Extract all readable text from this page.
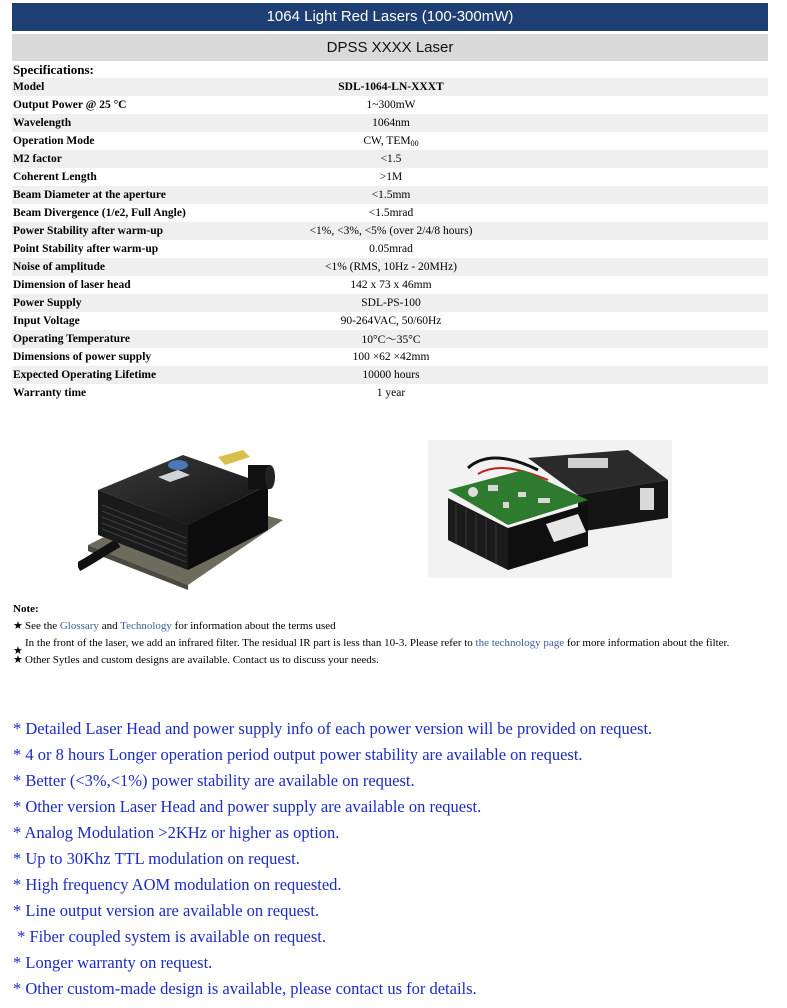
1064 Light Red Lasers (100-300mW)
DPSS XXXX Laser
Specifications:
Model	SDL-1064-LN-XXXT
Output Power @ 25 °C	1~300mW
Wavelength	1064nm
Operation Mode	CW, $TEM_{00}$
M2 factor	<1.5
Coherent Length	>1M
Beam Diameter at the aperture	<1.5mm
Beam Divergence (1/e2, Full Angle)	<1.5mrad
Power Stability after warm-up	<1%, <3%, <5% (over 2/4/8 hours)
Point Stability after warm-up	0.05mrad
Noise of amplitude	<1% (RMS, 10Hz - 20MHz)
Dimension of laser head	142 x 73 x 46mm
Power Supply	SDL-PS-100
Input Voltage	90-264VAC, 50/60Hz
Operating Temperature	10°C～35°C
Dimensions of power supply	100 ×62 ×42mm
Expected Operating Lifetime	10000 hours
Warranty time	1 year
Note:
★ See the Glossary and Technology for information about the terms used
★
In the front of the laser, we add an infrared filter. The residual IR part is less than 10-3. Please refer to the technology page for more information about the filter.
★ Other Sytles and custom designs are available. Contact us to discuss your needs.
* Detailed Laser Head and power supply info of each power version will be provided on request.
* 4 or 8 hours Longer operation period output power stability are available on request.
* Better (<3%,<1%) power stability are available on request.
* Other version Laser Head and power supply are available on request.
* Analog Modulation >2KHz or higher as option.
* Up to 30Khz TTL modulation on request.
* High frequency AOM modulation on requested.
* Line output version are available on request.
* Fiber coupled system is available on request.
* Longer warranty on request.
* Other custom-made design is available, please contact us for details.
